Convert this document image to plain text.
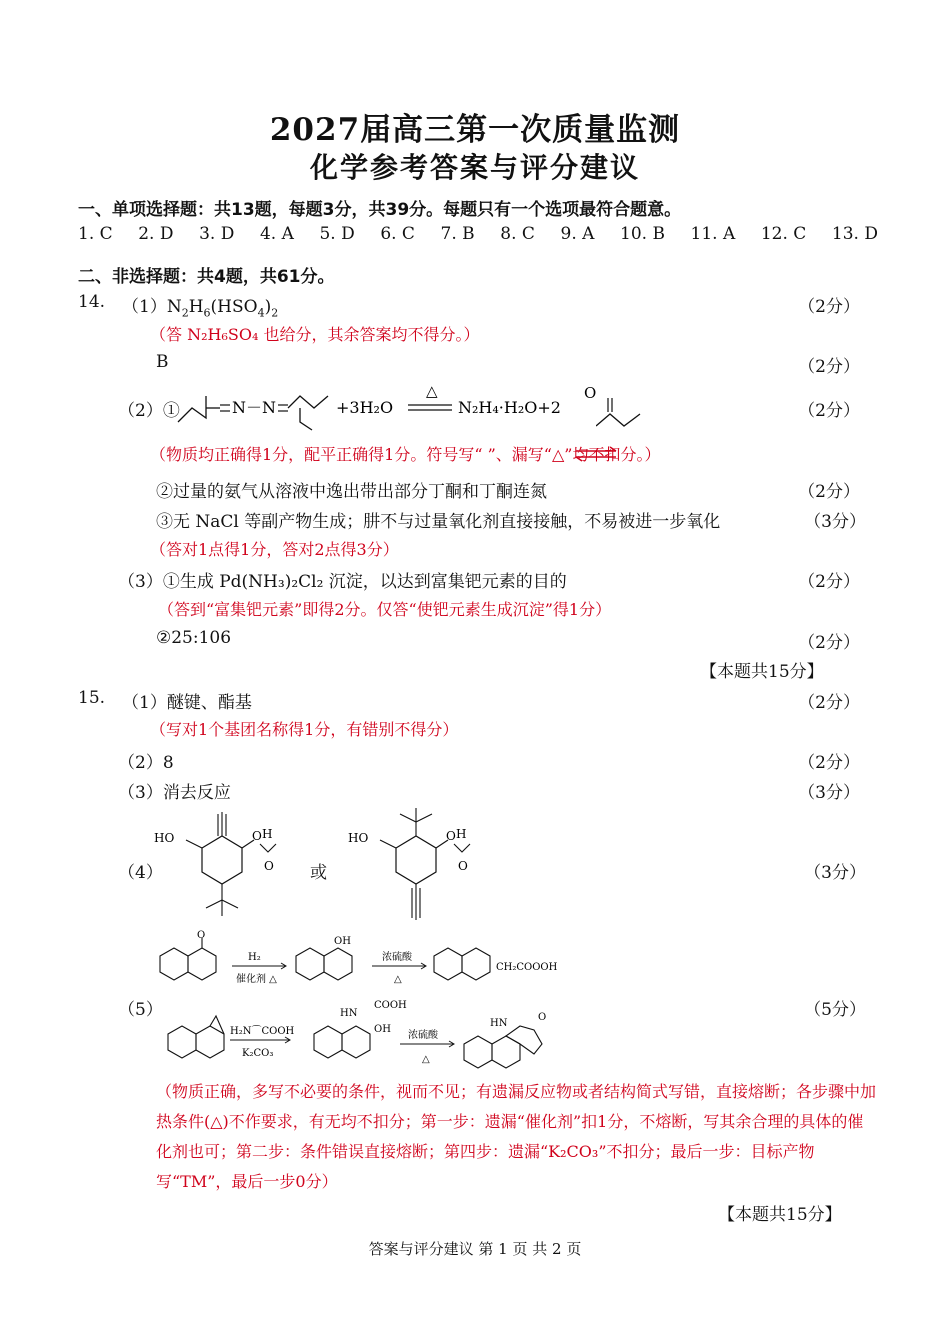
2027届高三第一次质量监测
化学参考答案与评分建议
一、单项选择题：共13题，每题3分，共39分。每题只有一个选项最符合题意。
1. C 2. D 3. D 4. A 5. D 6. C 7. B 8. C 9. A 10. B 11. A 12. C 13. D
二、非选择题：共4题，共61分。
14. $(1)N_2H_6(HSO_4)_2$	（2分）
（答 N₂H₆SO₄ 也给分，其余答案均不得分。）
B	（2分）
（2）①	N－N	+3H₂O
△
N₂H₄·H₂O+2
O
（2分）
（物质均正确得1分，配平正确得1分。符号写“ ”、漏写“△”均不扣分。）
②过量的氨气从溶液中逸出带出部分丁酮和丁酮连氮	（2分）
③无 NaCl 等副产物生成；肼不与过量氧化剂直接接触，不易被进一步氧化	（3分）
（答对1点得1分，答对2点得3分）
（3）①生成 Pd(NH₃)₂Cl₂ 沉淀，以达到富集钯元素的目的	（2分）
（答到“富集钯元素”即得2分。仅答“使钯元素生成沉淀”得1分）
②25:106	（2分）
【本题共15分】
15. （1）醚键、酯基	（2分）
（写对1个基团名称得1分，有错别不得分）
（2）8	（2分）
（3）消去反应	（3分）
（4）
HO	O H
O 或
HO	O H
O	（3分）
（5）
O
H₂
催化剂 △
OH
浓硫酸
△
CH₂COOOH
H₂N⌒COOH
K₂CO₃
HN
COOH
OH
浓硫酸
△
HN
O	（5分）
（物质正确，多写不必要的条件，视而不见；有遗漏反应物或者结构简式写错，直接熔断；各步骤中加热条件(△)不作要求，有无均不扣分；第一步：遗漏“催化剂”扣1分，不熔断，写其余合理的具体的催化剂也可；第二步：条件错误直接熔断；第四步：遗漏“K₂CO₃”不扣分；最后一步：目标产物写“TM”，最后一步0分）
【本题共15分】
答案与评分建议 第 1 页 共 2 页
